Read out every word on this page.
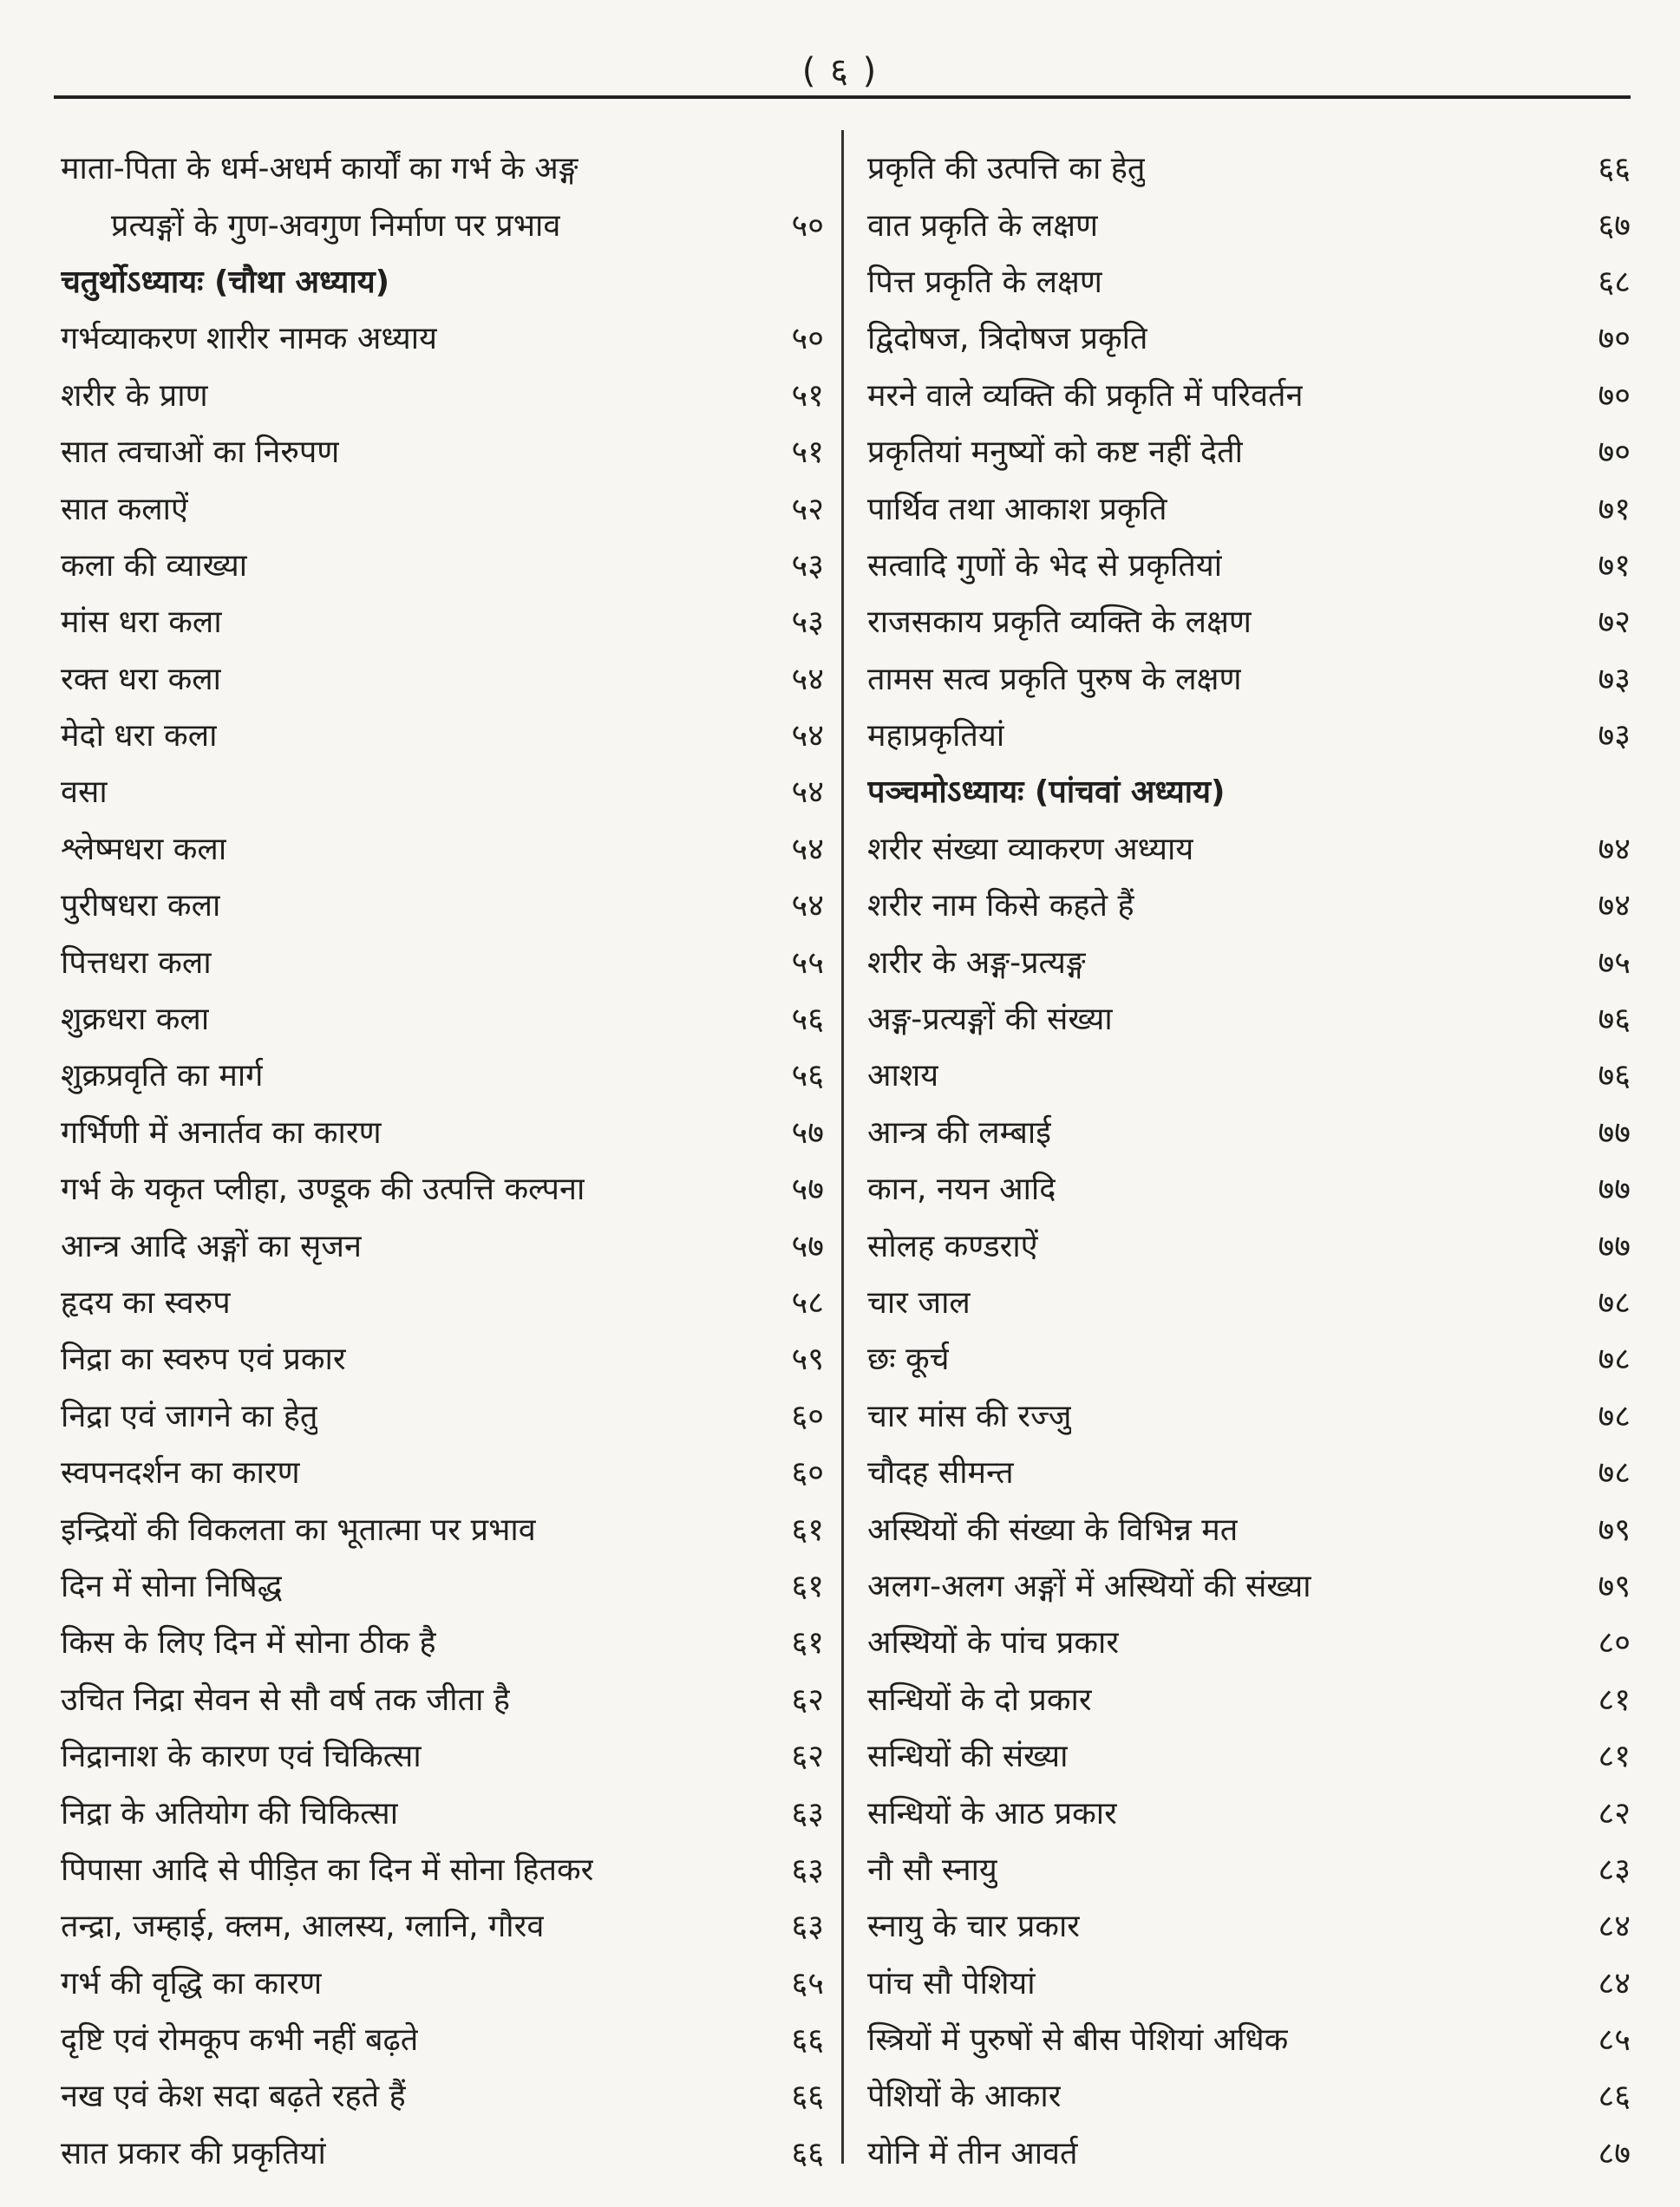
( ६ )
माता-पिता के धर्म-अधर्म कार्यों का गर्भ के अङ्ग
प्रत्यङ्गों के गुण-अवगुण निर्माण पर प्रभाव	५०
चतुर्थोऽध्यायः (चौथा अध्याय)
गर्भव्याकरण शारीर नामक अध्याय	५०
शरीर के प्राण	५१
सात त्वचाओं का निरुपण	५१
सात कलाऐं	५२
कला की व्याख्या	५३
मांस धरा कला	५३
रक्त धरा कला	५४
मेदो धरा कला	५४
वसा	५४
श्लेष्मधरा कला	५४
पुरीषधरा कला	५४
पित्तधरा कला	५५
शुक्रधरा कला	५६
शुक्रप्रवृति का मार्ग	५६
गर्भिणी में अनार्तव का कारण	५७
गर्भ के यकृत प्लीहा, उण्डूक की उत्पत्ति कल्पना	५७
आन्त्र आदि अङ्गों का सृजन	५७
हृदय का स्वरुप	५८
निद्रा का स्वरुप एवं प्रकार	५९
निद्रा एवं जागने का हेतु	६०
स्वपनदर्शन का कारण	६०
इन्द्रियों की विकलता का भूतात्मा पर प्रभाव	६१
दिन में सोना निषिद्ध	६१
किस के लिए दिन में सोना ठीक है	६१
उचित निद्रा सेवन से सौ वर्ष तक जीता है	६२
निद्रानाश के कारण एवं चिकित्सा	६२
निद्रा के अतियोग की चिकित्सा	६३
पिपासा आदि से पीड़ित का दिन में सोना हितकर	६३
तन्द्रा, जम्हाई, क्लम, आलस्य, ग्लानि, गौरव	६३
गर्भ की वृद्धि का कारण	६५
दृष्टि एवं रोमकूप कभी नहीं बढ़ते	६६
नख एवं केश सदा बढ़ते रहते हैं	६६
सात प्रकार की प्रकृतियां	६६
प्रकृति की उत्पत्ति का हेतु	६६
वात प्रकृति के लक्षण	६७
पित्त प्रकृति के लक्षण	६८
द्विदोषज, त्रिदोषज प्रकृति	७०
मरने वाले व्यक्ति की प्रकृति में परिवर्तन	७०
प्रकृतियां मनुष्यों को कष्ट नहीं देती	७०
पार्थिव तथा आकाश प्रकृति	७१
सत्वादि गुणों के भेद से प्रकृतियां	७१
राजसकाय प्रकृति व्यक्ति के लक्षण	७२
तामस सत्व प्रकृति पुरुष के लक्षण	७३
महाप्रकृतियां	७३
पञ्चमोऽध्यायः (पांचवां अध्याय)
शरीर संख्या व्याकरण अध्याय	७४
शरीर नाम किसे कहते हैं	७४
शरीर के अङ्ग-प्रत्यङ्ग	७५
अङ्ग-प्रत्यङ्गों की संख्या	७६
आशय	७६
आन्त्र की लम्बाई	७७
कान, नयन आदि	७७
सोलह कण्डराऐं	७७
चार जाल	७८
छः कूर्च	७८
चार मांस की रज्जु	७८
चौदह सीमन्त	७८
अस्थियों की संख्या के विभिन्न मत	७९
अलग-अलग अङ्गों में अस्थियों की संख्या	७९
अस्थियों के पांच प्रकार	८०
सन्धियों के दो प्रकार	८१
सन्धियों की संख्या	८१
सन्धियों के आठ प्रकार	८२
नौ सौ स्नायु	८३
स्नायु के चार प्रकार	८४
पांच सौ पेशियां	८४
स्त्रियों में पुरुषों से बीस पेशियां अधिक	८५
पेशियों के आकार	८६
योनि में तीन आवर्त	८७
